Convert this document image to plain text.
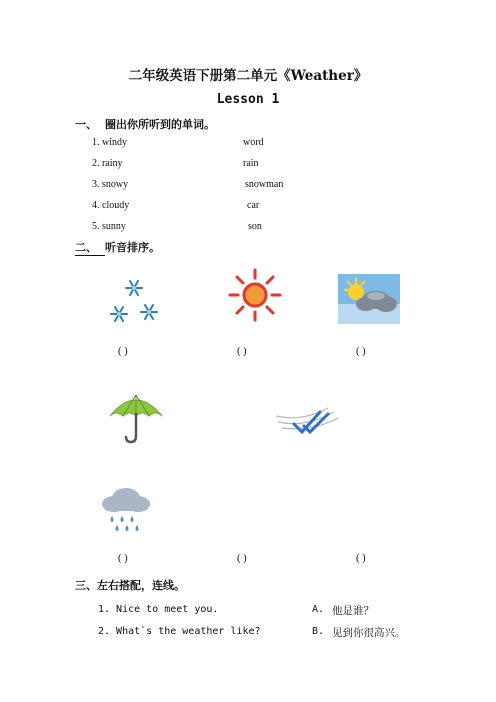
二年级英语下册第二单元《Weather》
Lesson 1
一、 圈出你所听到的单词。
1. windy	word
2. rainy	rain
3. snowy	snowman
4. cloudy	car
5. sunny	son
二、 听音排序。
( )	( )	( )
( )	( )	( )
三、左右搭配，连线。
1. Nice to meet you.	A. 他是谁？
2. What`s the weather like?	B. 见到你很高兴。
